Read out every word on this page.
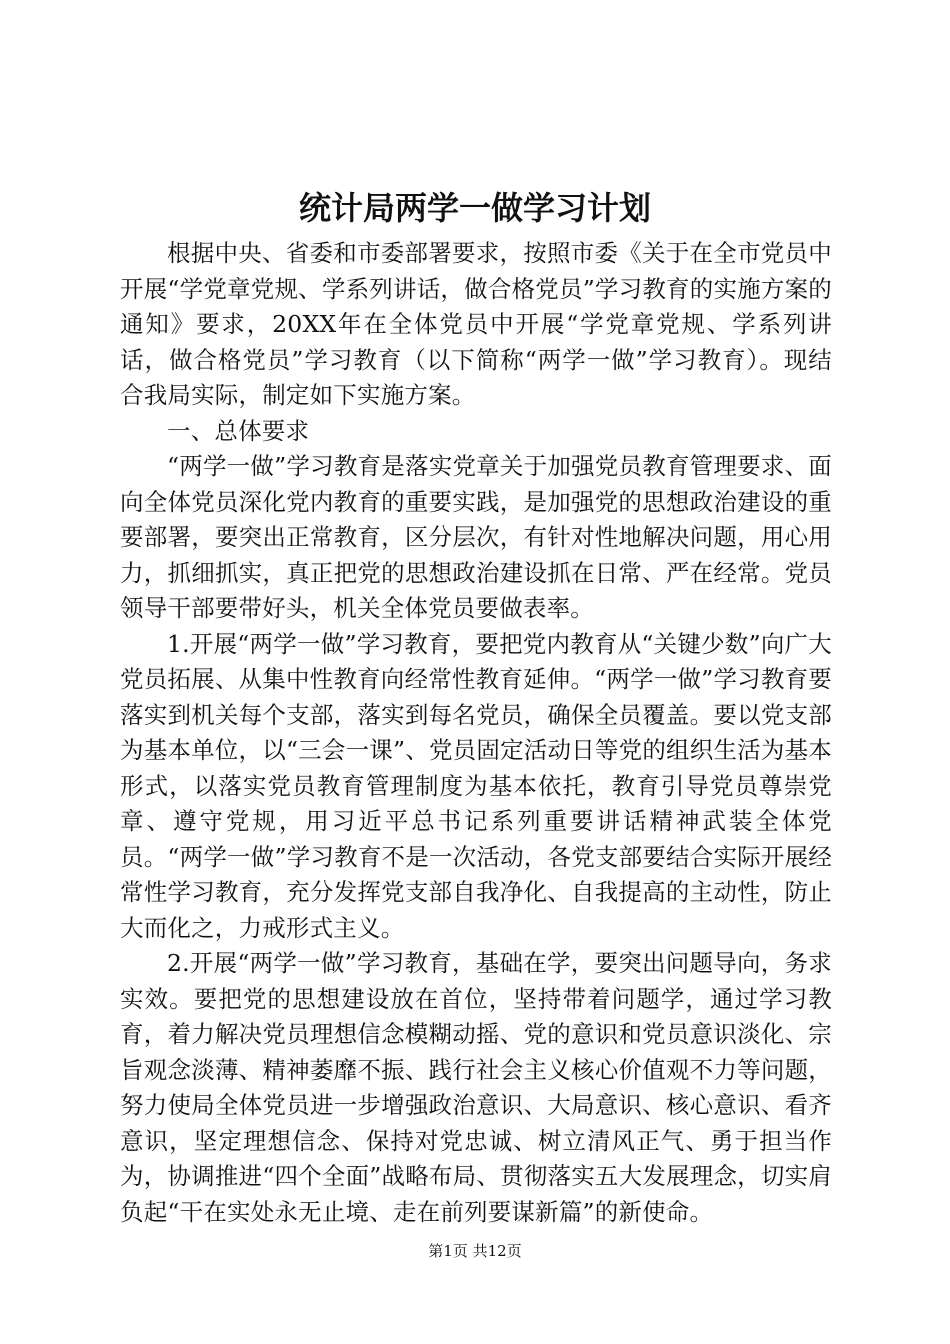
统计局两学一做学习计划

根据中央、省委和市委部署要求，按照市委《关于在全市党员中开展“学党章党规、学系列讲话，做合格党员”学习教育的实施方案的通知》要求，20XX年在全体党员中开展“学党章党规、学系列讲话，做合格党员”学习教育（以下简称“两学一做”学习教育）。现结合我局实际，制定如下实施方案。

一、总体要求

“两学一做”学习教育是落实党章关于加强党员教育管理要求、面向全体党员深化党内教育的重要实践，是加强党的思想政治建设的重要部署，要突出正常教育，区分层次，有针对性地解决问题，用心用力，抓细抓实，真正把党的思想政治建设抓在日常、严在经常。党员领导干部要带好头，机关全体党员要做表率。

1.开展“两学一做”学习教育，要把党内教育从“关键少数”向广大党员拓展、从集中性教育向经常性教育延伸。“两学一做”学习教育要落实到机关每个支部，落实到每名党员，确保全员覆盖。要以党支部为基本单位，以“三会一课”、党员固定活动日等党的组织生活为基本形式，以落实党员教育管理制度为基本依托，教育引导党员尊崇党章、遵守党规，用习近平总书记系列重要讲话精神武装全体党员。“两学一做”学习教育不是一次活动，各党支部要结合实际开展经常性学习教育，充分发挥党支部自我净化、自我提高的主动性，防止大而化之，力戒形式主义。

2.开展“两学一做”学习教育，基础在学，要突出问题导向，务求实效。要把党的思想建设放在首位，坚持带着问题学，通过学习教育，着力解决党员理想信念模糊动摇、党的意识和党员意识淡化、宗旨观念淡薄、精神萎靡不振、践行社会主义核心价值观不力等问题，努力使局全体党员进一步增强政治意识、大局意识、核心意识、看齐意识，坚定理想信念、保持对党忠诚、树立清风正气、勇于担当作为，协调推进“四个全面”战略布局、贯彻落实五大发展理念，切实肩负起“干在实处永无止境、走在前列要谋新篇”的新使命。

第1页 共12页
